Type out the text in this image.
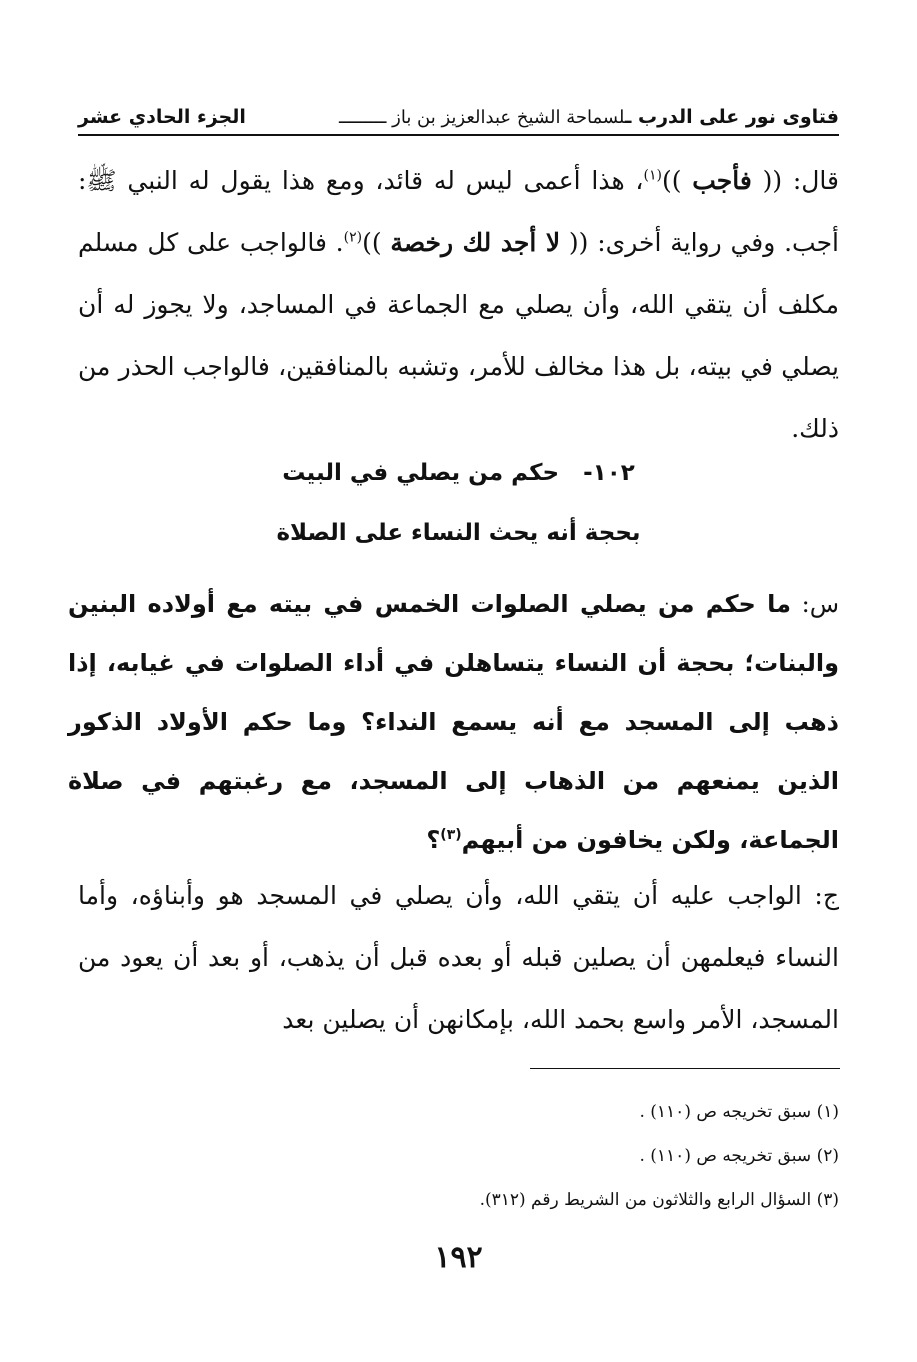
فتاوى نور على الدرب ـلسماحة الشيخ عبدالعزيز بن باز ـــــــــ
الجزء الحادي عشر
قال: (( فأجب ))$^{(١)}$، هذا أعمى ليس له قائد، ومع هذا يقول له النبي ﷺ: أجب. وفي رواية أخرى: (( لا أجد لك رخصة ))$^{(٢)}$. فالواجب على كل مسلم مكلف أن يتقي الله، وأن يصلي مع الجماعة في المساجد، ولا يجوز له أن يصلي في بيته، بل هذا مخالف للأمر، وتشبه بالمنافقين، فالواجب الحذر من ذلك.
١٠٢-   حكم من يصلي في البيت
بحجة أنه يحث النساء على الصلاة
س: ما حكم من يصلي الصلوات الخمس في بيته مع أولاده البنين والبنات؛ بحجة أن النساء يتساهلن في أداء الصلوات في غيابه، إذا ذهب إلى المسجد مع أنه يسمع النداء؟ وما حكم الأولاد الذكور الذين يمنعهم من الذهاب إلى المسجد، مع رغبتهم في صلاة الجماعة، ولكن يخافون من أبيهم$^{(٣)}$؟
ج: الواجب عليه أن يتقي الله، وأن يصلي في المسجد هو وأبناؤه، وأما النساء فيعلمهن أن يصلين قبله أو بعده قبل أن يذهب، أو بعد أن يعود من المسجد، الأمر واسع بحمد الله، بإمكانهن أن يصلين بعد
(١) سبق تخريجه ص (١١٠) .
(٢) سبق تخريجه ص (١١٠) .
(٣) السؤال الرابع والثلاثون من الشريط رقم (٣١٢).
١٩٢
